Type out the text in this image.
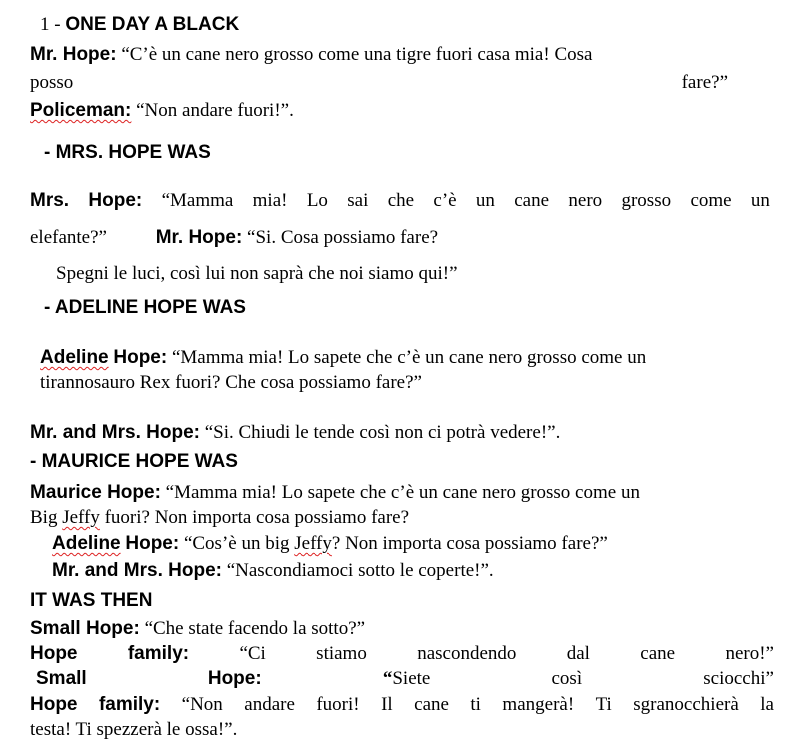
1 - ONE DAY A BLACK
Mr. Hope: “C’è un cane nero grosso come una tigre fuori casa mia! Cosa
posso	fare?”
Policeman: “Non andare fuori!”.
- MRS. HOPE WAS
Mrs. Hope: “Mamma mia! Lo sai che c’è un cane nero grosso come un
elefante?”	Mr. Hope: “Si. Cosa possiamo fare?
Spegni le luci, così lui non saprà che noi siamo qui!”
- ADELINE HOPE WAS
Adeline Hope: “Mamma mia! Lo sapete che c’è un cane nero grosso come un
tirannosauro Rex fuori? Che cosa possiamo fare?”
Mr. and Mrs. Hope: “Si. Chiudi le tende così non ci potrà vedere!”.
- MAURICE HOPE WAS
Maurice Hope: “Mamma mia! Lo sapete che c’è un cane nero grosso come un
Big Jeffy fuori? Non importa cosa possiamo fare?
Adeline Hope: “Cos’è un big Jeffy? Non importa cosa possiamo fare?”
Mr. and Mrs. Hope: “Nascondiamoci sotto le coperte!”.
IT WAS THEN
Small Hope: “Che state facendo la sotto?”
Hope	family:	“Ci	stiamo	nascondendo	dal	cane	nero!”
Small	Hope:	“Siete	così	sciocchi”
Hope family: “Non andare fuori! Il cane ti mangerà! Ti sgranocchierà la
testa! Ti spezzerà le ossa!”.
